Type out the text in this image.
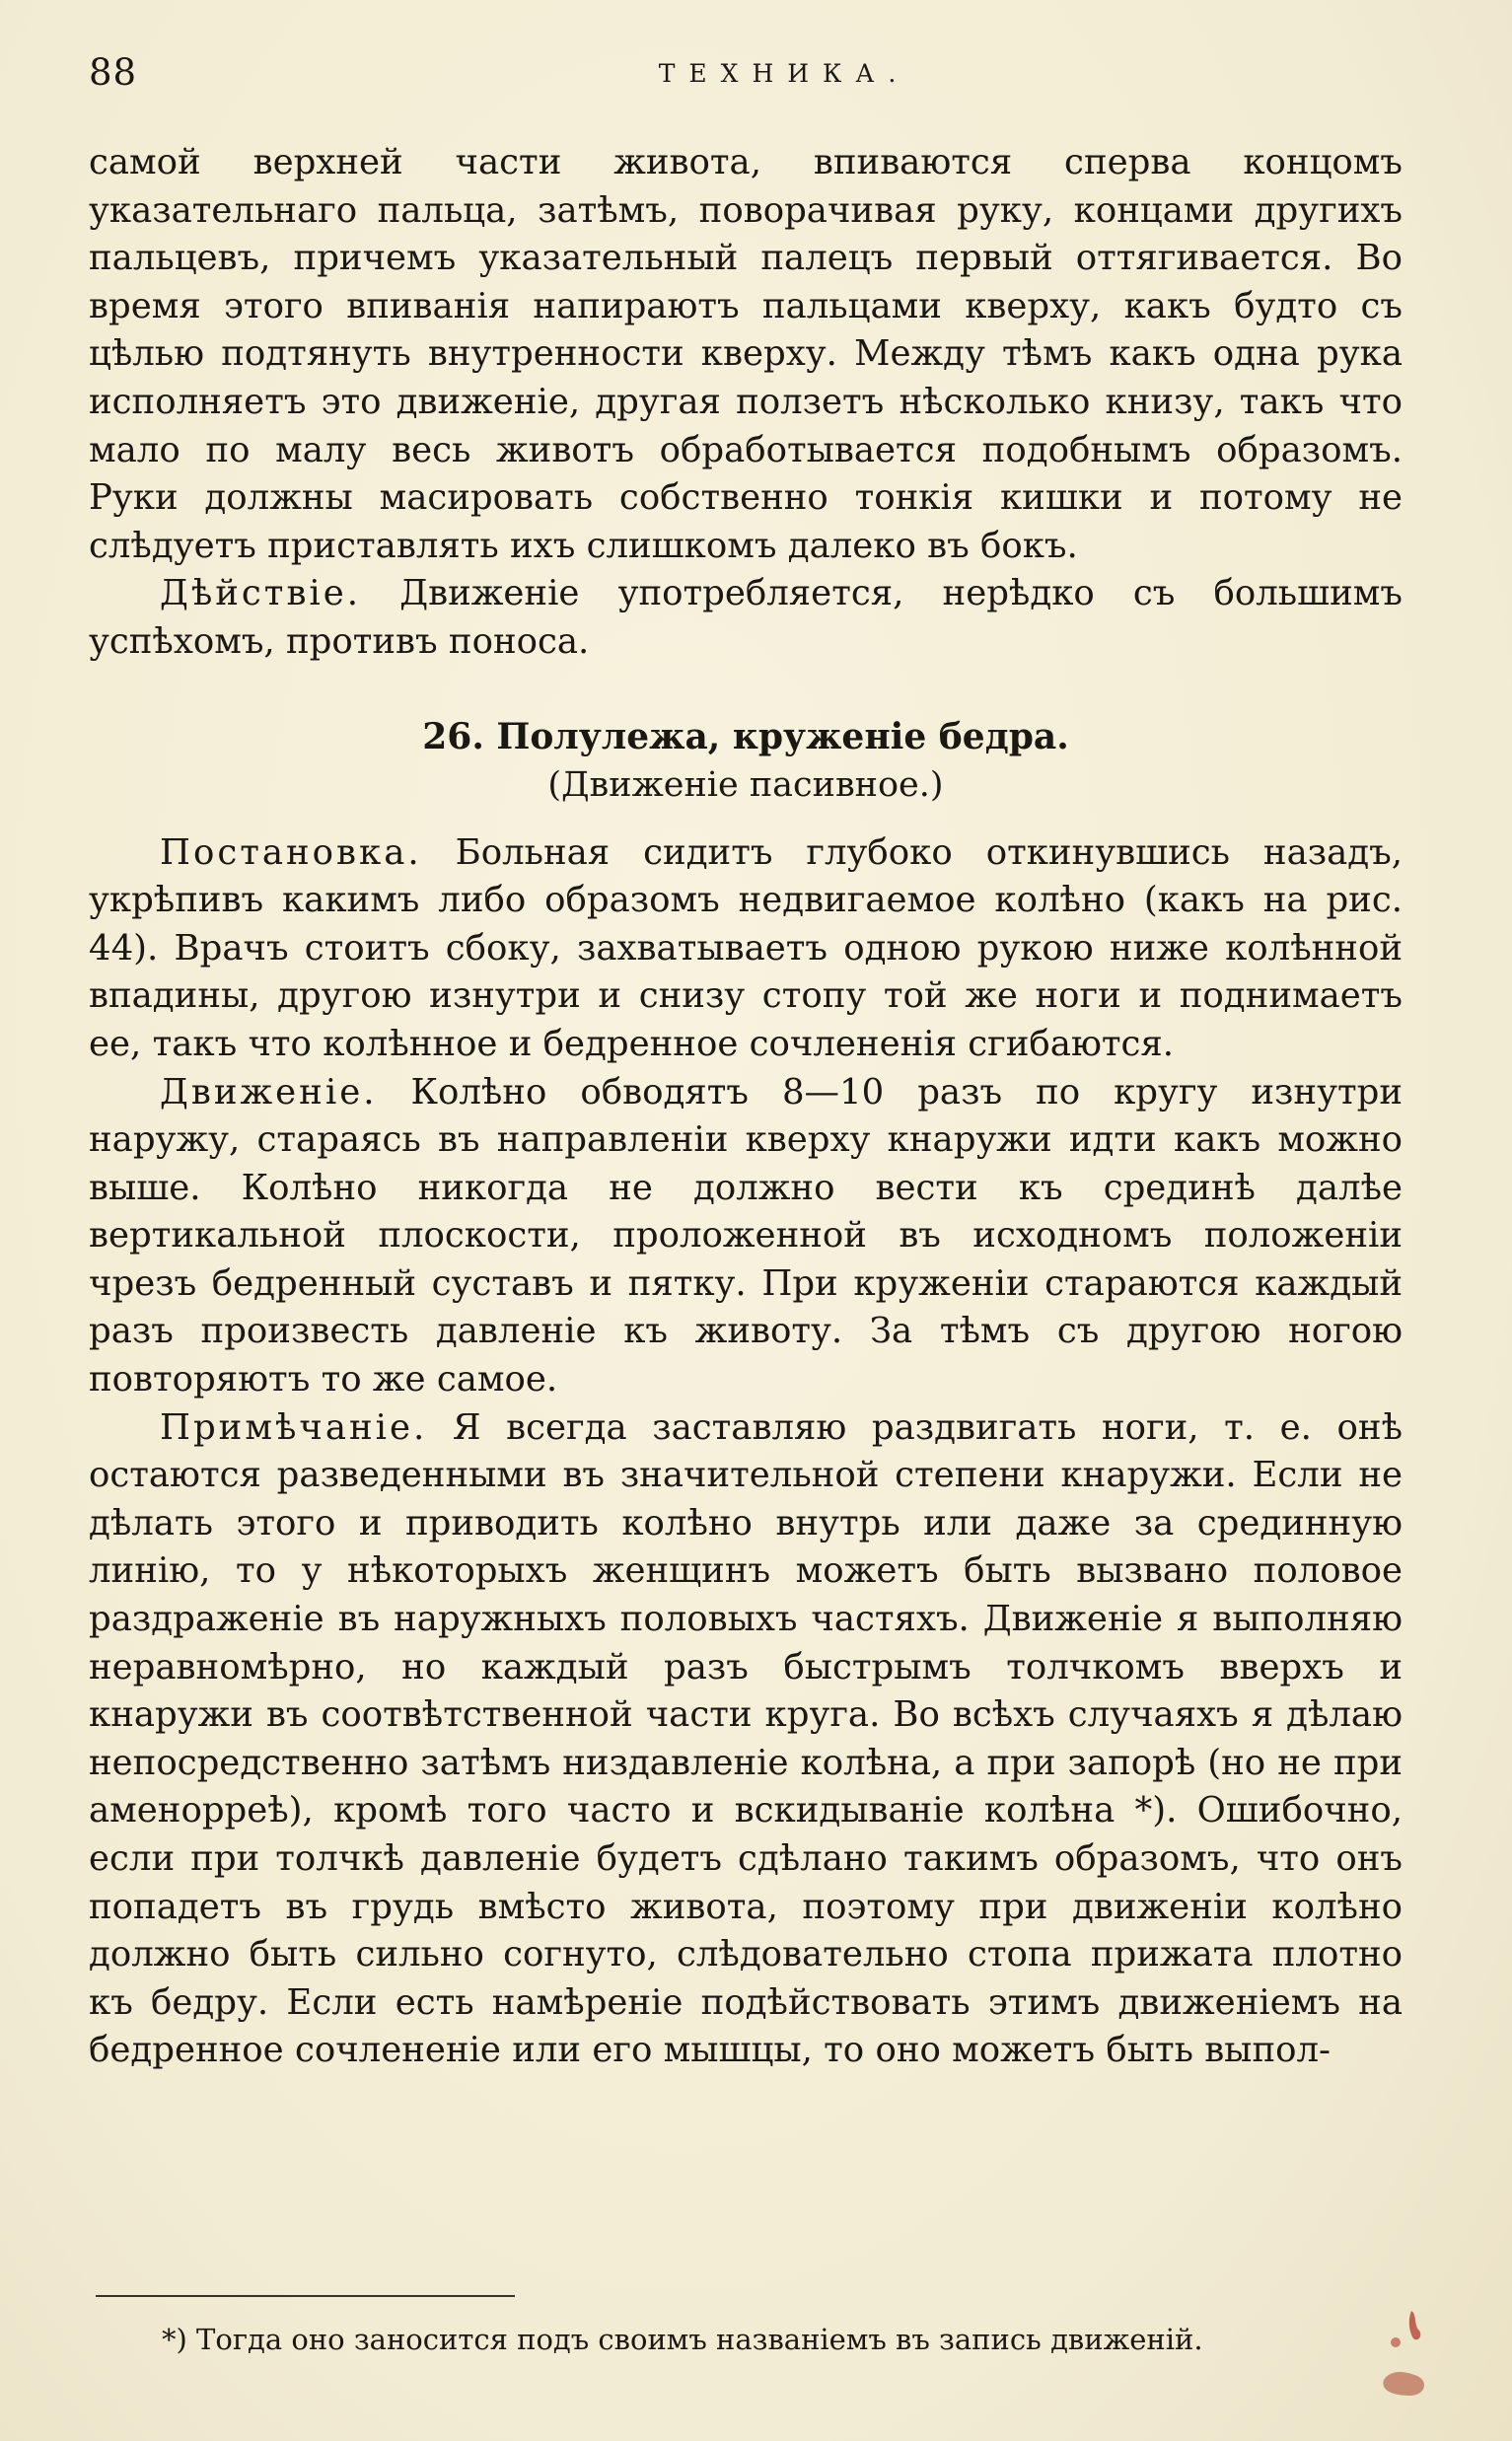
88	ТЕХНИКА.

самой верхней части живота, впиваются сперва концомъ указательнаго пальца, затѣмъ, поворачивая руку, концами другихъ пальцевъ, причемъ указательный палецъ первый оттягивается. Во время этого впиванія напираютъ пальцами кверху, какъ будто съ цѣлью подтянуть внутренности кверху. Между тѣмъ какъ одна рука исполняетъ это движеніе, другая ползетъ нѣсколько книзу, такъ что мало по малу весь животъ обработывается подобнымъ образомъ. Руки должны масировать собственно тонкія кишки и потому не слѣдуетъ приставлять ихъ слишкомъ далеко въ бокъ.

Дѣйствіе. Движеніе употребляется, нерѣдко съ большимъ успѣхомъ, противъ поноса.

26. Полулежа, круженіе бедра.
(Движеніе пасивное.)

Постановка. Больная сидитъ глубоко откинувшись назадъ, укрѣпивъ какимъ либо образомъ недвигаемое колѣно (какъ на рис. 44). Врачъ стоитъ сбоку, захватываетъ одною рукою ниже колѣнной впадины, другою изнутри и снизу стопу той же ноги и поднимаетъ ее, такъ что колѣнное и бедренное сочлененія сгибаются.

Движеніе. Колѣно обводятъ 8—10 разъ по кругу изнутри наружу, стараясь въ направленіи кверху кнаружи идти какъ можно выше. Колѣно никогда не должно вести къ срединѣ далѣе вертикальной плоскости, проложенной въ исходномъ положеніи чрезъ бедренный суставъ и пятку. При круженіи стараются каждый разъ произвесть давленіе къ животу. За тѣмъ съ другою ногою повторяютъ то же самое.

Примѣчаніе. Я всегда заставляю раздвигать ноги, т. е. онѣ остаются разведенными въ значительной степени кнаружи. Если не дѣлать этого и приводить колѣно внутрь или даже за срединную линію, то у нѣкоторыхъ женщинъ можетъ быть вызвано половое раздраженіе въ наружныхъ половыхъ частяхъ. Движеніе я выполняю неравномѣрно, но каждый разъ быстрымъ толчкомъ вверхъ и кнаружи въ соотвѣтственной части круга. Во всѣхъ случаяхъ я дѣлаю непосредственно затѣмъ низдавленіе колѣна, а при запорѣ (но не при аменорреѣ), кромѣ того часто и вскидываніе колѣна *). Ошибочно, если при толчкѣ давленіе будетъ сдѣлано такимъ образомъ, что онъ попадетъ въ грудь вмѣсто живота, поэтому при движеніи колѣно должно быть сильно согнуто, слѣдовательно стопа прижата плотно къ бедру. Если есть намѣреніе подѣйствовать этимъ движеніемъ на бедренное сочлененіе или его мышцы, то оно можетъ быть выпол-

*) Тогда оно заносится подъ своимъ названіемъ въ запись движеній.
